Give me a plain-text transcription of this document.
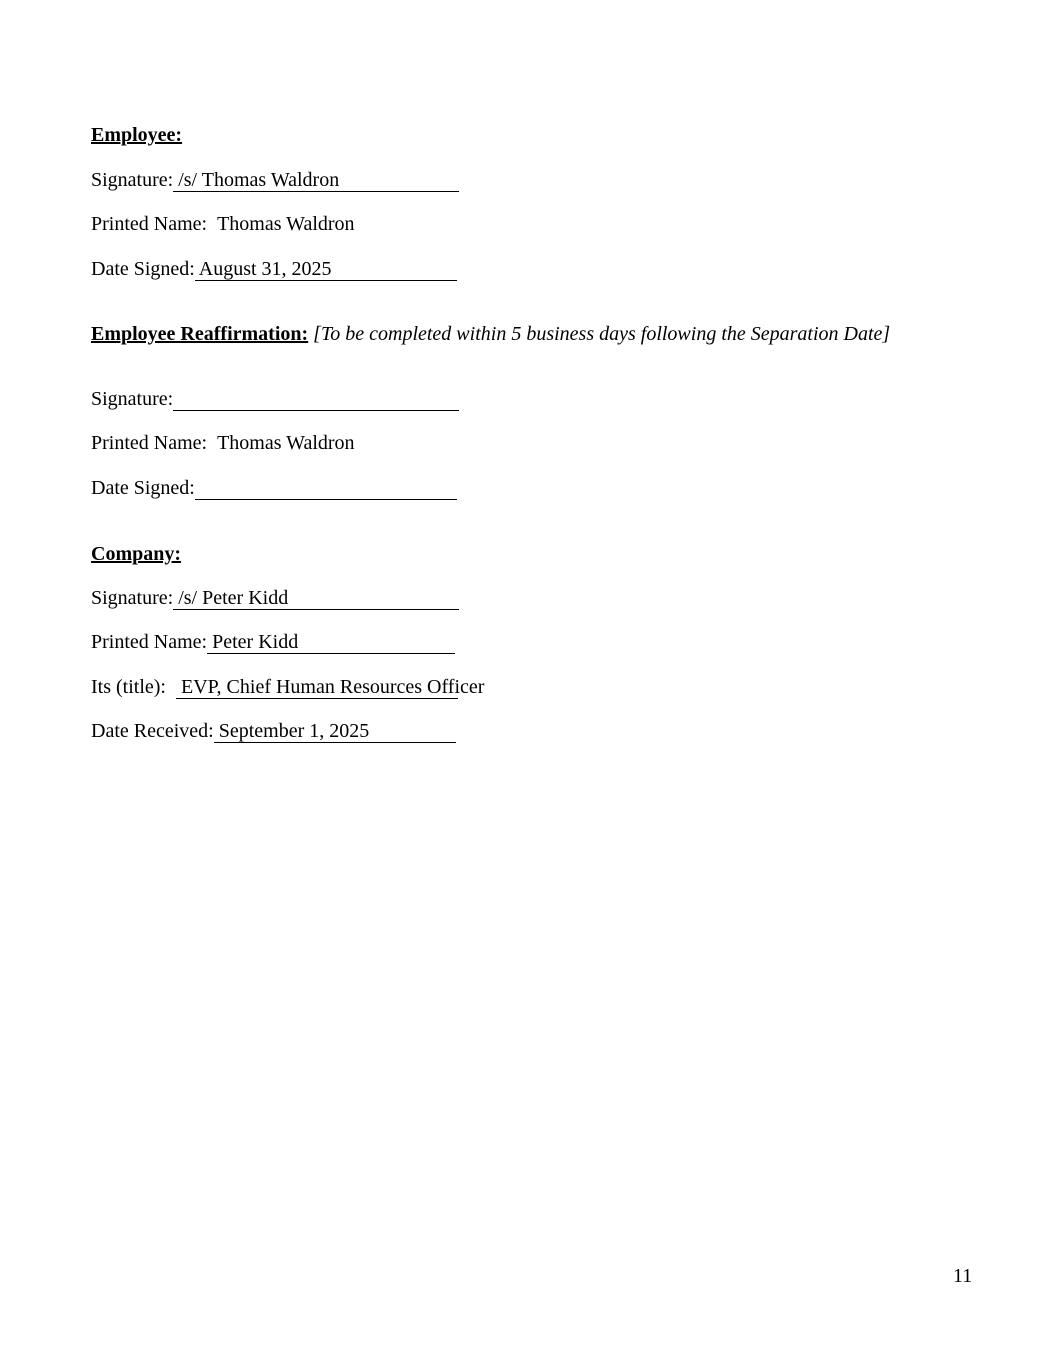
Employee:
Signature:
/s/ Thomas Waldron
Printed Name: Thomas Waldron
Date Signed:
August 31, 2025
Employee Reaffirmation: [To be completed within 5 business days following the Separation Date]
Signature:
Printed Name: Thomas Waldron
Date Signed:
Company:
Signature:
/s/ Peter Kidd
Printed Name:
Peter Kidd
Its (title):
EVP, Chief Human Resources Officer
Date Received:
September 1, 2025
11
